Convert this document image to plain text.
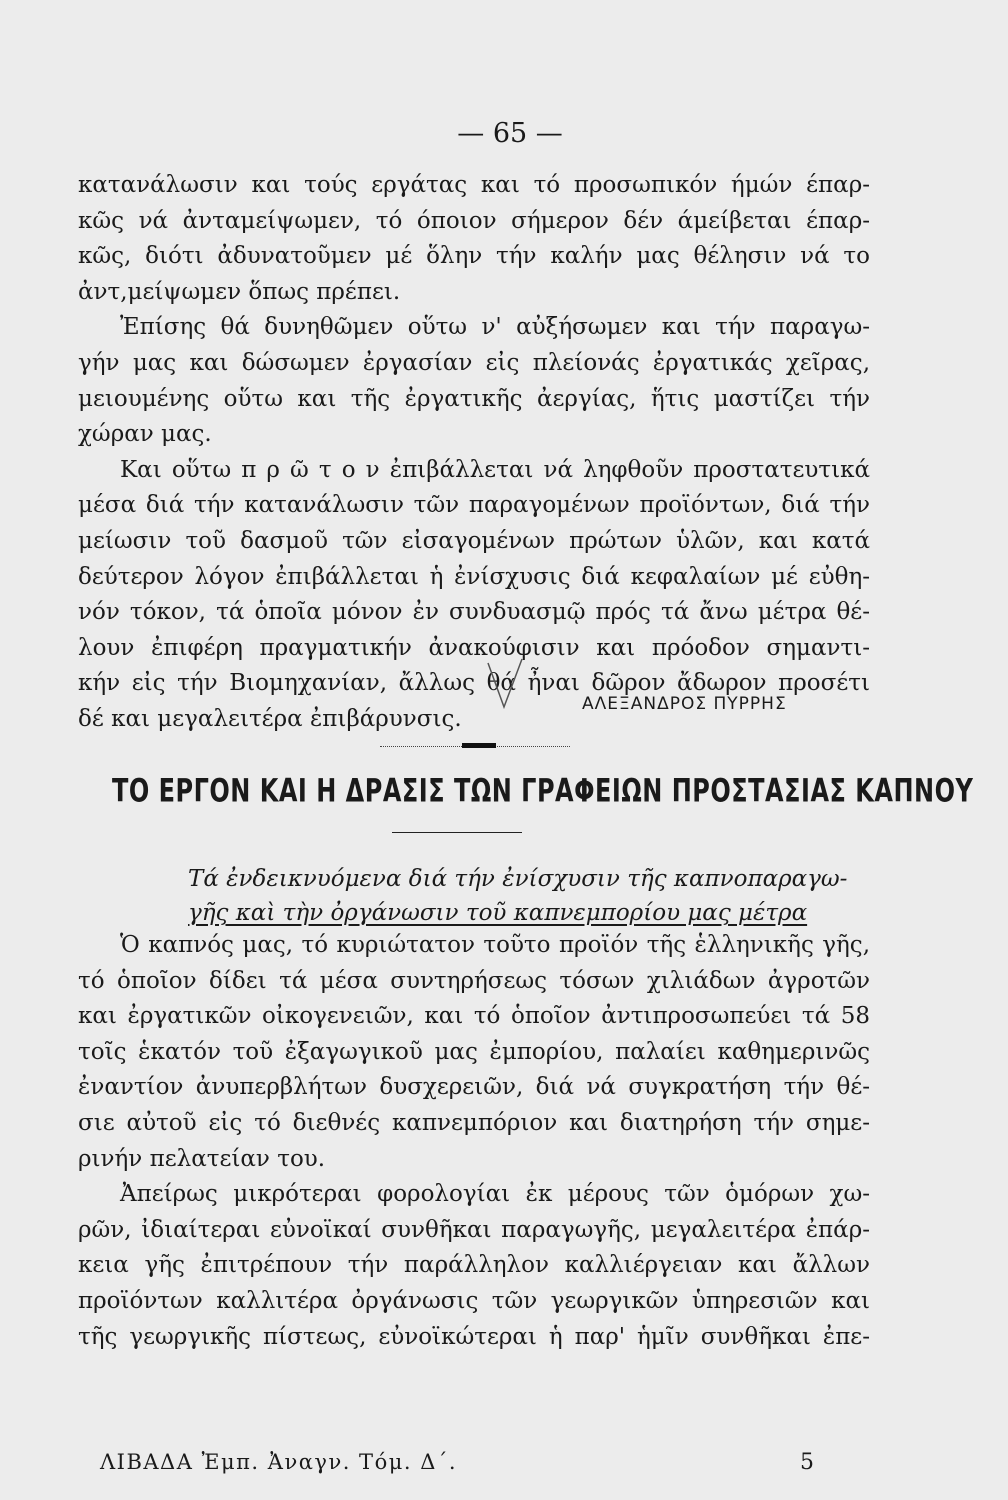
— 65 —
κατανάλωσιν και τούς εργάτας και τό προσωπικόν ήμών έπαρ-
κῶς νά ἀνταμείψωμεν, τό όποιον σήμερον δέν άμείβεται έπαρ-
κῶς, διότι ἀδυνατοῦμεν μέ ὅλην τήν καλήν μας θέλησιν νά το
ἀντ,μείψωμεν ὅπως πρέπει.
Ἐπίσης θά δυνηθῶμεν οὕτω ν' αὐξήσωμεν και τήν παραγω-
γήν μας και δώσωμεν ἐργασίαν εἰς πλείονάς ἐργατικάς χεῖρας,
μειουμένης οὕτω και τῆς ἐργατικῆς ἀεργίας, ἥτις μαστίζει τήν
χώραν μας.
Και οὕτω π ρ ῶ τ ο ν ἐπιβάλλεται νά ληφθοῦν προστατευτικά
μέσα διά τήν κατανάλωσιν τῶν παραγομένων προϊόντων, διά τήν
μείωσιν τοῦ δασμοῦ τῶν εἰσαγομένων πρώτων ὑλῶν, και κατά
δεύτερον λόγον ἐπιβάλλεται ἡ ἐνίσχυσις διά κεφαλαίων μέ εὐθη-
νόν τόκον, τά ὁποῖα μόνον ἐν συνδυασμῷ πρός τά ἄνω μέτρα θέ-
λουν ἐπιφέρη πραγματικήν ἀνακούφισιν και πρόοδον σημαντι-
κήν εἰς τήν Βιομηχανίαν, ἄλλως θά ἦναι δῶρον ἄδωρον προσέτι
δέ και μεγαλειτέρα ἐπιβάρυνσις.
ΑΛΕΞΑΝΔΡΟΣ ΠΥΡΡΗΣ
ΤΟ ΕΡΓΟΝ ΚΑΙ Η ΔΡΑΣΙΣ ΤΩΝ ΓΡΑΦΕΙΩΝ ΠΡΟΣΤΑΣΙΑΣ ΚΑΠΝΟΥ
Τά ἐνδεικνυόμενα διά τήν ἐνίσχυσιν τῆς καπνοπαραγω-
γῆς καὶ τὴν ὀργάνωσιν τοῦ καπνεμπορίου μας μέτρα
Ὁ καπνός μας, τό κυριώτατον τοῦτο προϊόν τῆς ἑλληνικῆς γῆς,
τό ὁποῖον δίδει τά μέσα συντηρήσεως τόσων χιλιάδων ἀγροτῶν
και ἐργατικῶν οἰκογενειῶν, και τό ὁποῖον ἀντιπροσωπεύει τά 58
τοῖς ἑκατόν τοῦ ἐξαγωγικοῦ μας ἐμπορίου, παλαίει καθημερινῶς
ἐναντίον ἀνυπερβλήτων δυσχερειῶν, διά νά συγκρατήση τήν θέ-
σιε αὐτοῦ εἰς τό διεθνές καπνεμπόριον και διατηρήση τήν σημε-
ρινήν πελατείαν του.
Ἀπείρως μικρότεραι φορολογίαι ἐκ μέρους τῶν ὁμόρων χω-
ρῶν, ἰδιαίτεραι εὐνοϊκαί συνθῆκαι παραγωγῆς, μεγαλειτέρα ἐπάρ-
κεια γῆς ἐπιτρέπουν τήν παράλληλον καλλιέργειαν και ἄλλων
προϊόντων καλλιτέρα ὀργάνωσις τῶν γεωργικῶν ὑπηρεσιῶν και
τῆς γεωργικῆς πίστεως, εὐνοϊκώτεραι ἡ παρ' ἡμῖν συνθῆκαι ἐπε-
ΛΙΒΑΔΑ Ἐμπ. Ἀναγν. Τόμ. Δ΄.	5
